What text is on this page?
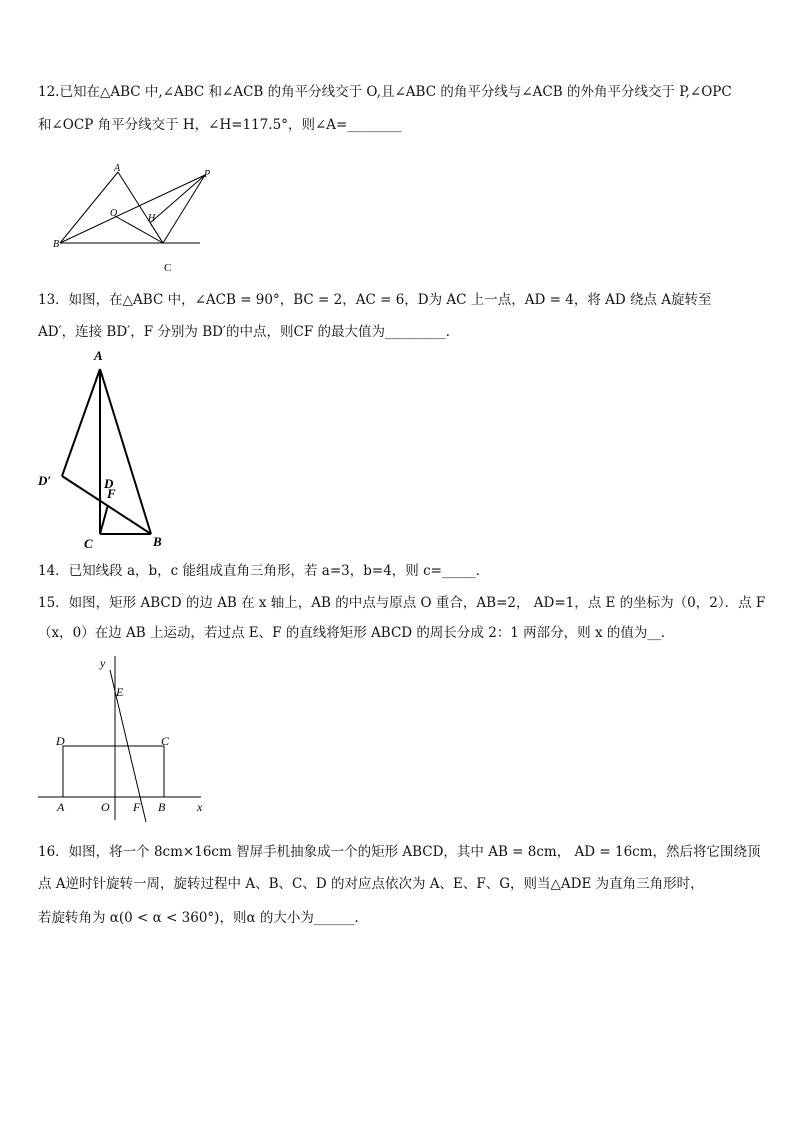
12.已知在△ABC 中,∠ABC 和∠ACB 的角平分线交于 O,且∠ABC 的角平分线与∠ACB 的外角平分线交于 P,∠OPC
和∠OCP 角平分线交于 H，∠H=117.5°，则∠A=________
A
P
O	H
B
C
13．如图，在△ABC 中，∠ACB = 90°，BC = 2，AC = 6，D为 AC 上一点，AD = 4，将 AD 绕点 A旋转至
AD′，连接 BD′，F 分别为 BD′的中点，则CF 的最大值为_________．
A
D′	D
F
C	B
14．已知线段 a，b，c 能组成直角三角形，若 a=3，b=4，则 c=_____．
15．如图，矩形 ABCD 的边 AB 在 x 轴上，AB 的中点与原点 O 重合，AB=2， AD=1，点 E 的坐标为（0，2）．点 F
（x，0）在边 AB 上运动，若过点 E、F 的直线将矩形 ABCD 的周长分成 2：1 两部分，则 x 的值为__．
y
E
D	C
A	O F B	x
16．如图，将一个 8cm×16cm 智屏手机抽象成一个的矩形 ABCD，其中 AB = 8cm， AD = 16cm，然后将它围绕顶
点 A逆时针旋转一周，旋转过程中 A、B、C、D 的对应点依次为 A、E、F、G，则当△ADE 为直角三角形时，
若旋转角为 α(0 < α < 360°)，则α 的大小为______.
